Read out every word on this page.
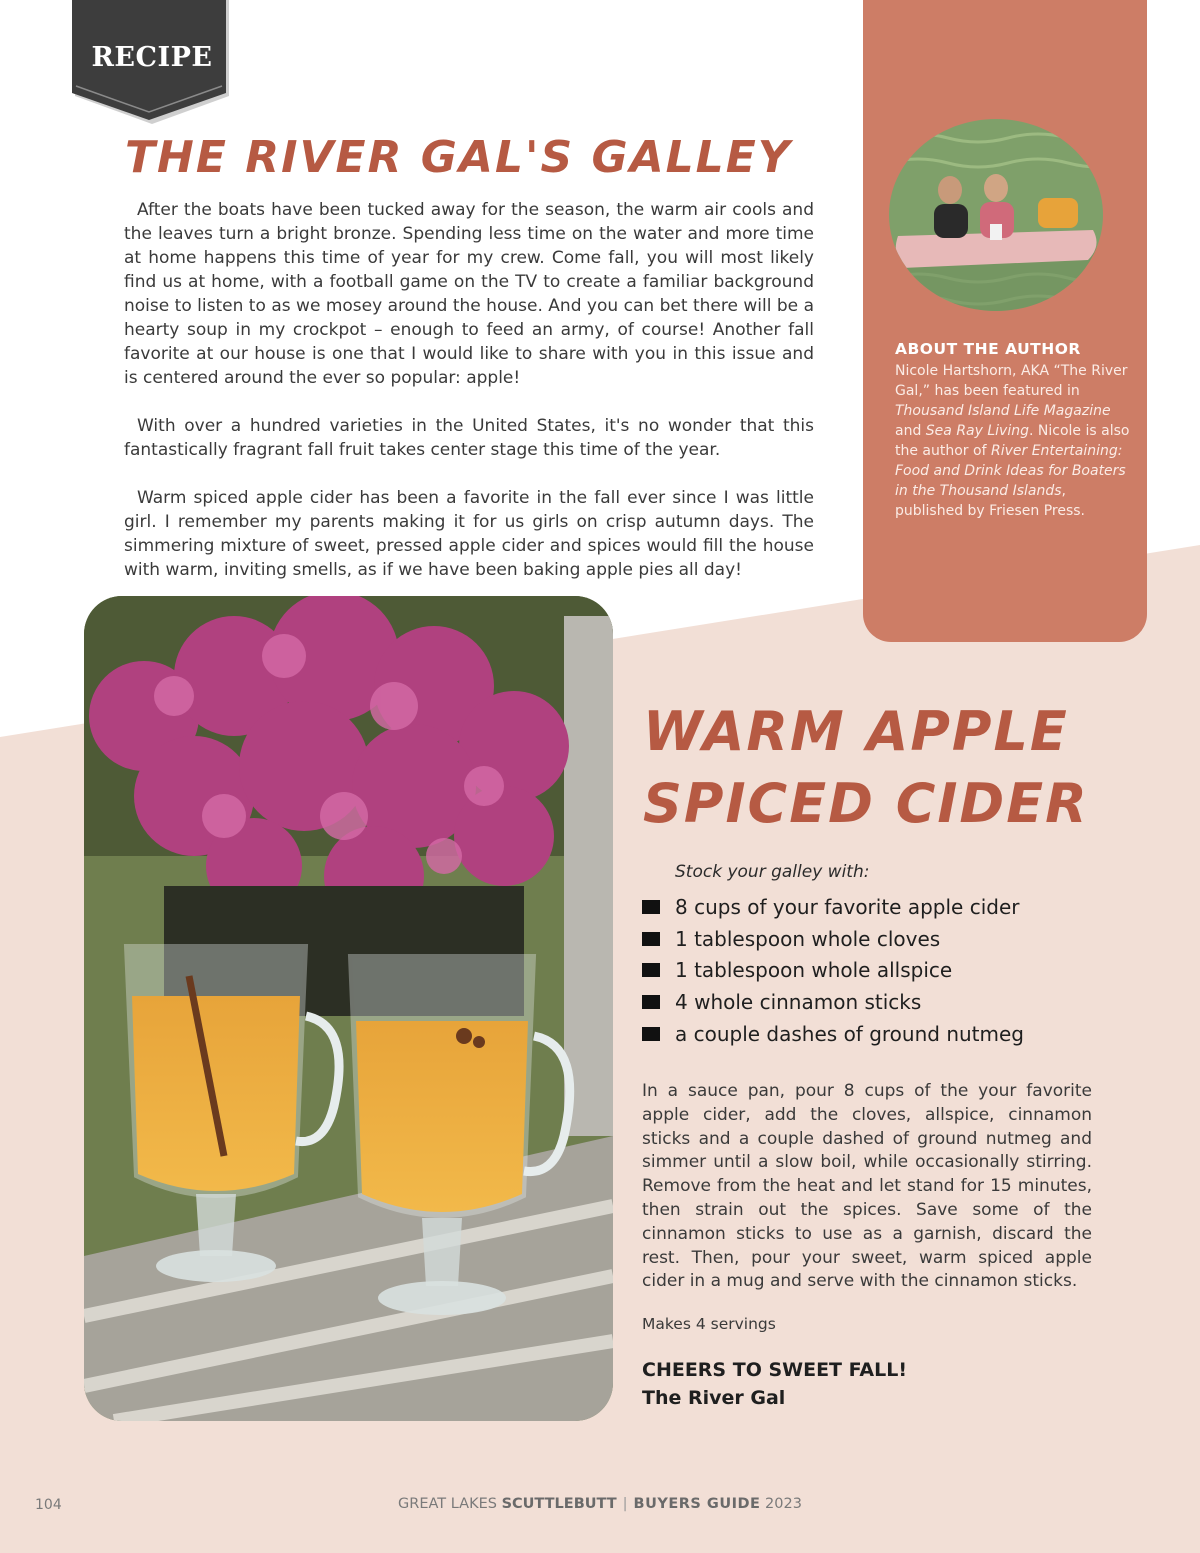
RECIPE
THE RIVER GAL'S GALLEY

After the boats have been tucked away for the season, the warm air cools and the leaves turn a bright bronze. Spending less time on the water and more time at home happens this time of year for my crew. Come fall, you will most likely find us at home, with a football game on the TV to create a familiar background noise to listen to as we mosey around the house. And you can bet there will be a hearty soup in my crockpot – enough to feed an army, of course! Another fall favorite at our house is one that I would like to share with you in this issue and is centered around the ever so popular: apple!

With over a hundred varieties in the United States, it's no wonder that this fantastically fragrant fall fruit takes center stage this time of the year.

Warm spiced apple cider has been a favorite in the fall ever since I was little girl. I remember my parents making it for us girls on crisp autumn days. The simmering mixture of sweet, pressed apple cider and spices would fill the house with warm, inviting smells, as if we have been baking apple pies all day!

ABOUT THE AUTHOR
Nicole Hartshorn, AKA “The River Gal,” has been featured in Thousand Island Life Magazine and Sea Ray Living. Nicole is also the author of River Entertaining: Food and Drink Ideas for Boaters in the Thousand Islands, published by Friesen Press.
WARM APPLE
SPICED CIDER
Stock your galley with:
8 cups of your favorite apple cider
1 tablespoon whole cloves
1 tablespoon whole allspice
4 whole cinnamon sticks
a couple dashes of ground nutmeg

In a sauce pan, pour 8 cups of the your favorite apple cider, add the cloves, allspice, cinnamon sticks and a couple dashed of ground nutmeg and simmer until a slow boil, while occasionally stirring. Remove from the heat and let stand for 15 minutes, then strain out the spices. Save some of the cinnamon sticks to use as a garnish, discard the rest. Then, pour your sweet, warm spiced apple cider in a mug and serve with the cinnamon sticks.

Makes 4 servings
CHEERS TO SWEET FALL!
The River Gal
104	GREAT LAKES SCUTTLEBUTT | BUYERS GUIDE 2023
